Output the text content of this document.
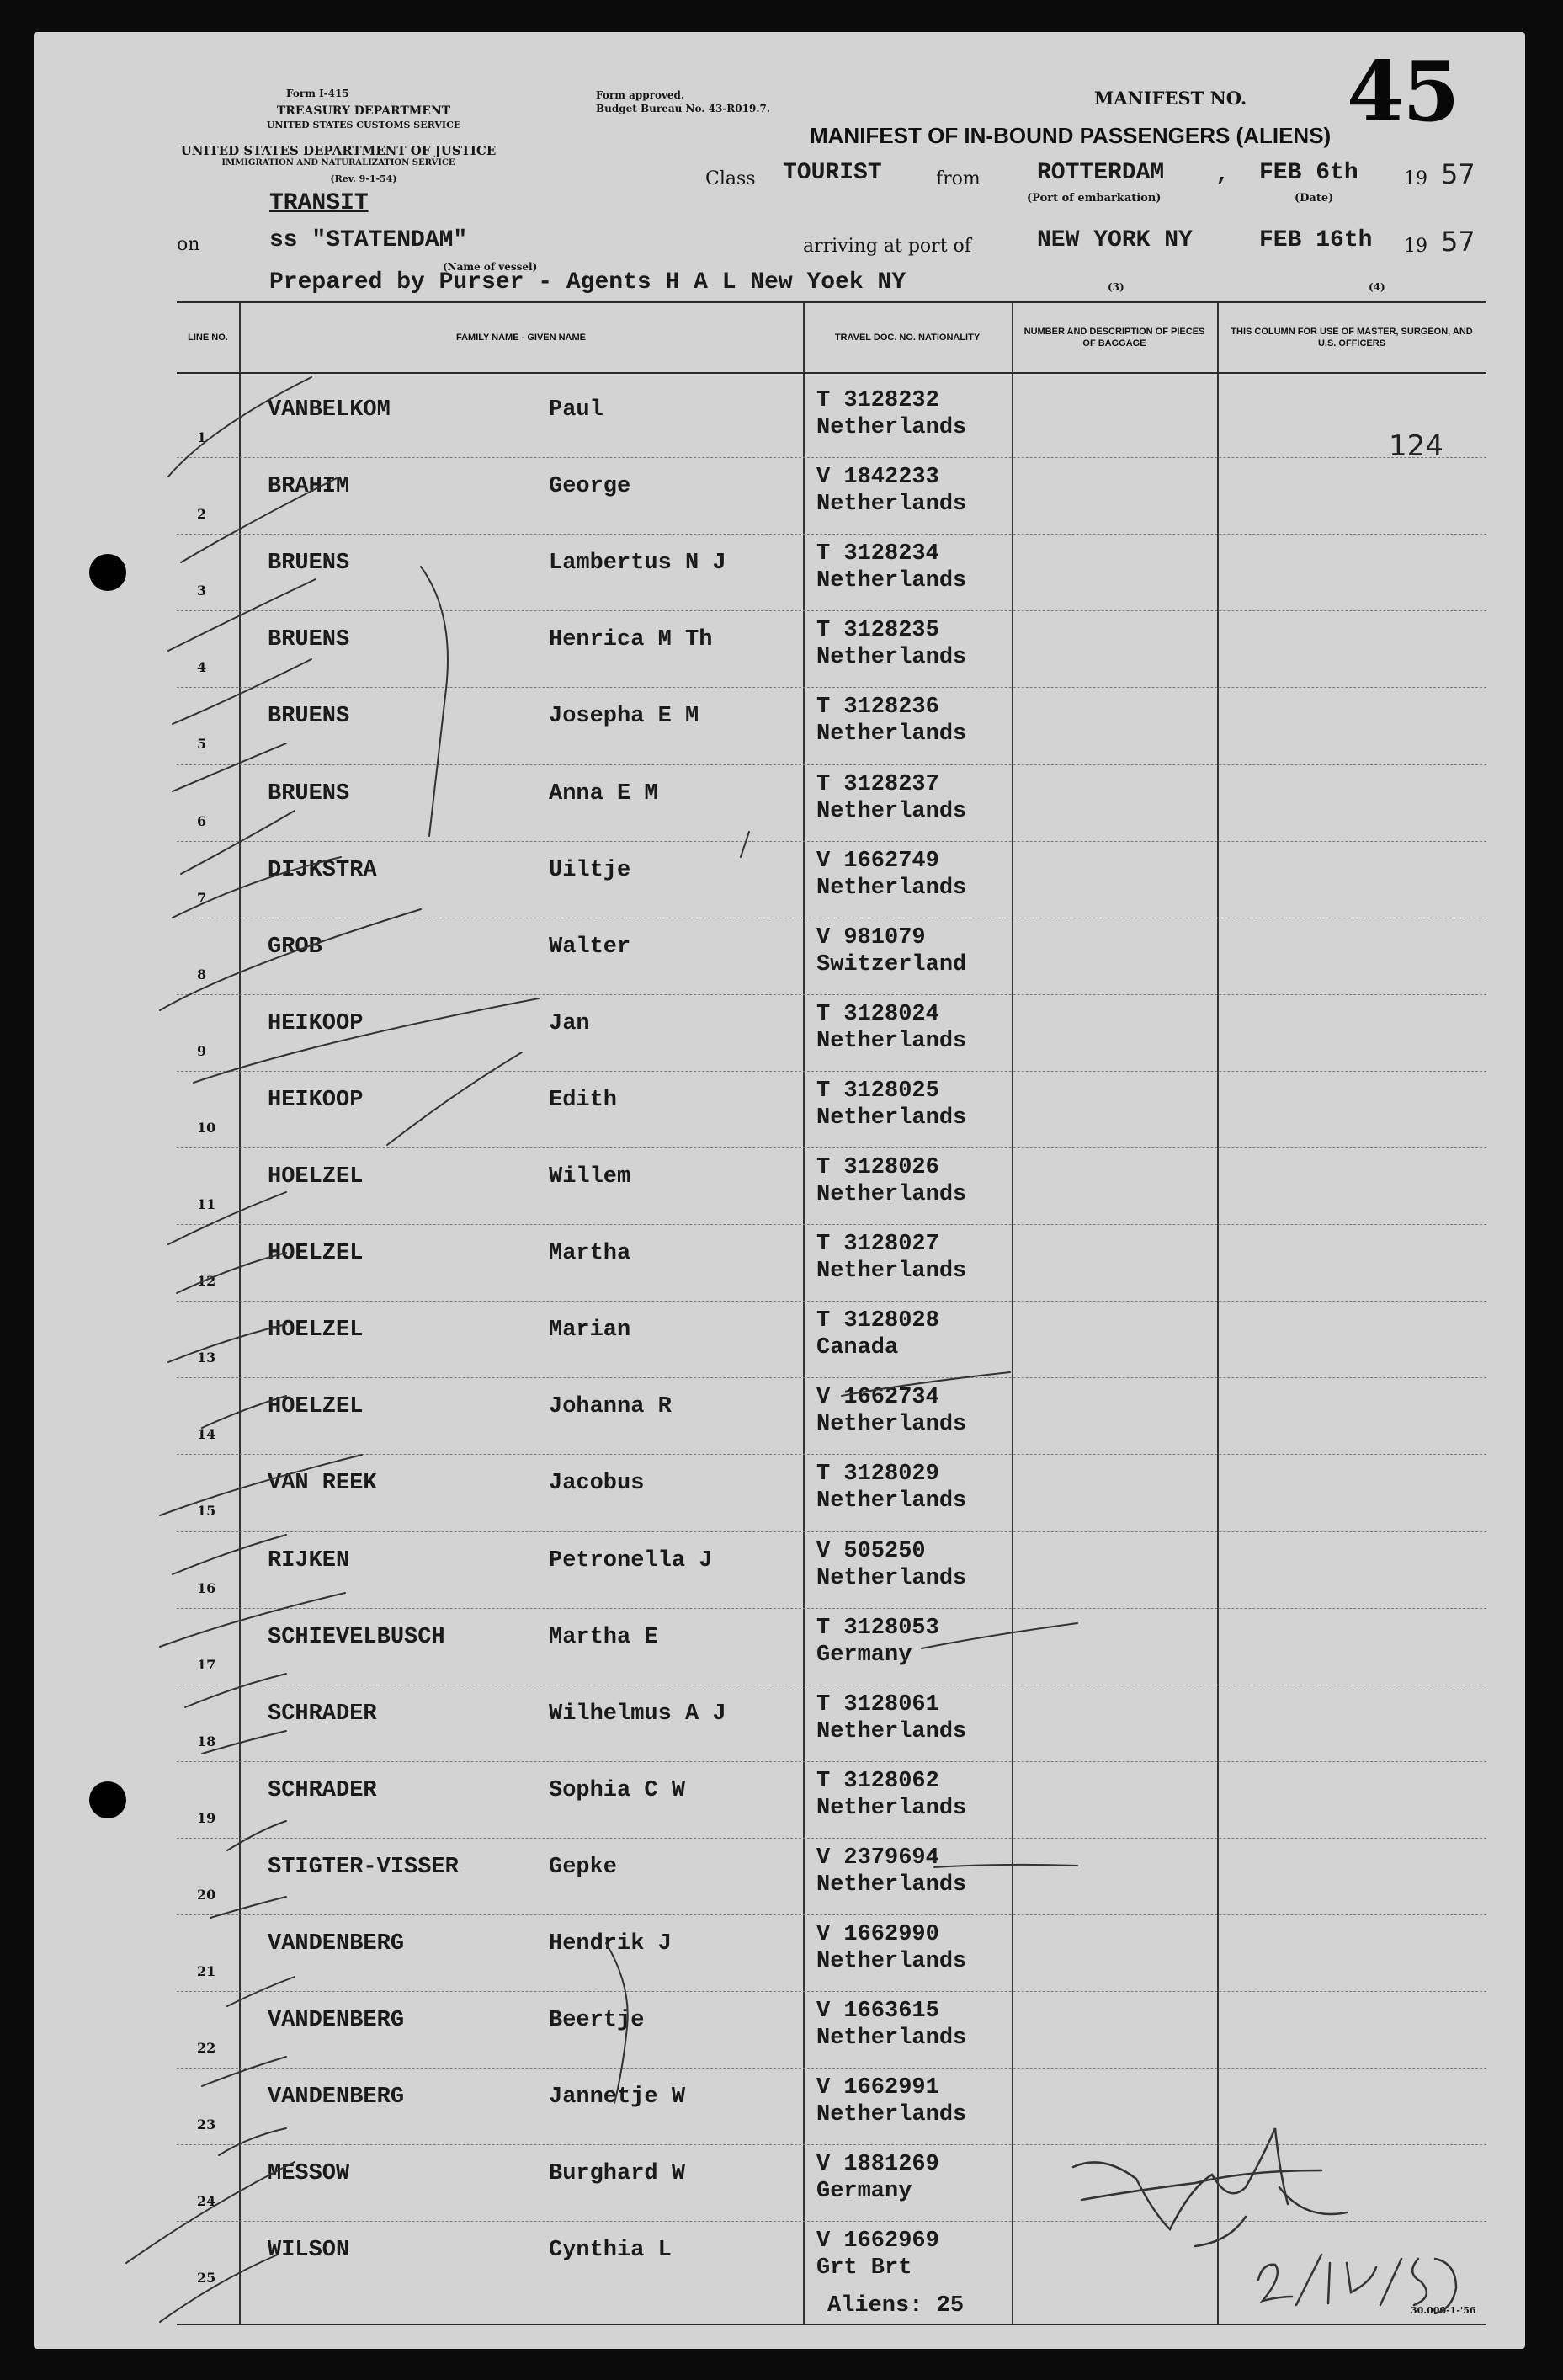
Form I-415
TREASURY DEPARTMENT
UNITED STATES CUSTOMS SERVICE
UNITED STATES DEPARTMENT OF JUSTICE
IMMIGRATION AND NATURALIZATION SERVICE
(Rev. 9-1-54)
Form approved.
Budget Bureau No. 43-R019.7.	MANIFEST NO. 45
MANIFEST OF IN-BOUND PASSENGERS (ALIENS)
TRANSIT
Class TOURIST	from ROTTERDAM
(Port of embarkation)
, FEB 6th 19 57
(Date)
on	ss "STATENDAM"
(Name of vessel)
arriving at port of	NEW YORK NY	FEB 16th 19 57
Prepared by Purser - Agents H A L New Yoek NY	(3)	(4)
LINE NO.	FAMILY NAME - GIVEN NAME	TRAVEL DOC. NO. NATIONALITY
NUMBER AND DESCRIPTION OF PIECES OF BAGGAGE
THIS COLUMN FOR USE OF MASTER, SURGEON, AND U.S. OFFICERS
1
VANBELKOM	Paul	T 3128232
Netherlands
2
BRAHIM	George	V 1842233
Netherlands
3
BRUENS	Lambertus N J	T 3128234
Netherlands
4
BRUENS	Henrica M Th	T 3128235
Netherlands
5
BRUENS	Josepha E M	T 3128236
Netherlands
6
BRUENS	Anna E M	T 3128237
Netherlands
7
DIJKSTRA	Uiltje	V 1662749
Netherlands
8
GROB	Walter	V 981079
Switzerland
9
HEIKOOP	Jan	T 3128024
Netherlands
10
HEIKOOP	Edith	T 3128025
Netherlands
11
HOELZEL	Willem	T 3128026
Netherlands
12
HOELZEL	Martha	T 3128027
Netherlands
13
HOELZEL	Marian	T 3128028
Canada
14
HOELZEL	Johanna R	V 1662734
Netherlands
15
VAN REEK	Jacobus	T 3128029
Netherlands
16
RIJKEN	Petronella J	V 505250
Netherlands
17
SCHIEVELBUSCH	Martha E	T 3128053
Germany
18
SCHRADER	Wilhelmus A J	T 3128061
Netherlands
19
SCHRADER	Sophia C W	T 3128062
Netherlands
20
STIGTER-VISSER	Gepke	V 2379694
Netherlands
21
VANDENBERG	Hendrik J	V 1662990
Netherlands
22
VANDENBERG	Beertje	V 1663615
Netherlands
23
VANDENBERG	Jannetje W	V 1662991
Netherlands
24
MESSOW	Burghard W	V 1881269
Germany
25
WILSON	Cynthia L	V 1662969
Grt Brt
124
Aliens: 25	30.000-1-'56
